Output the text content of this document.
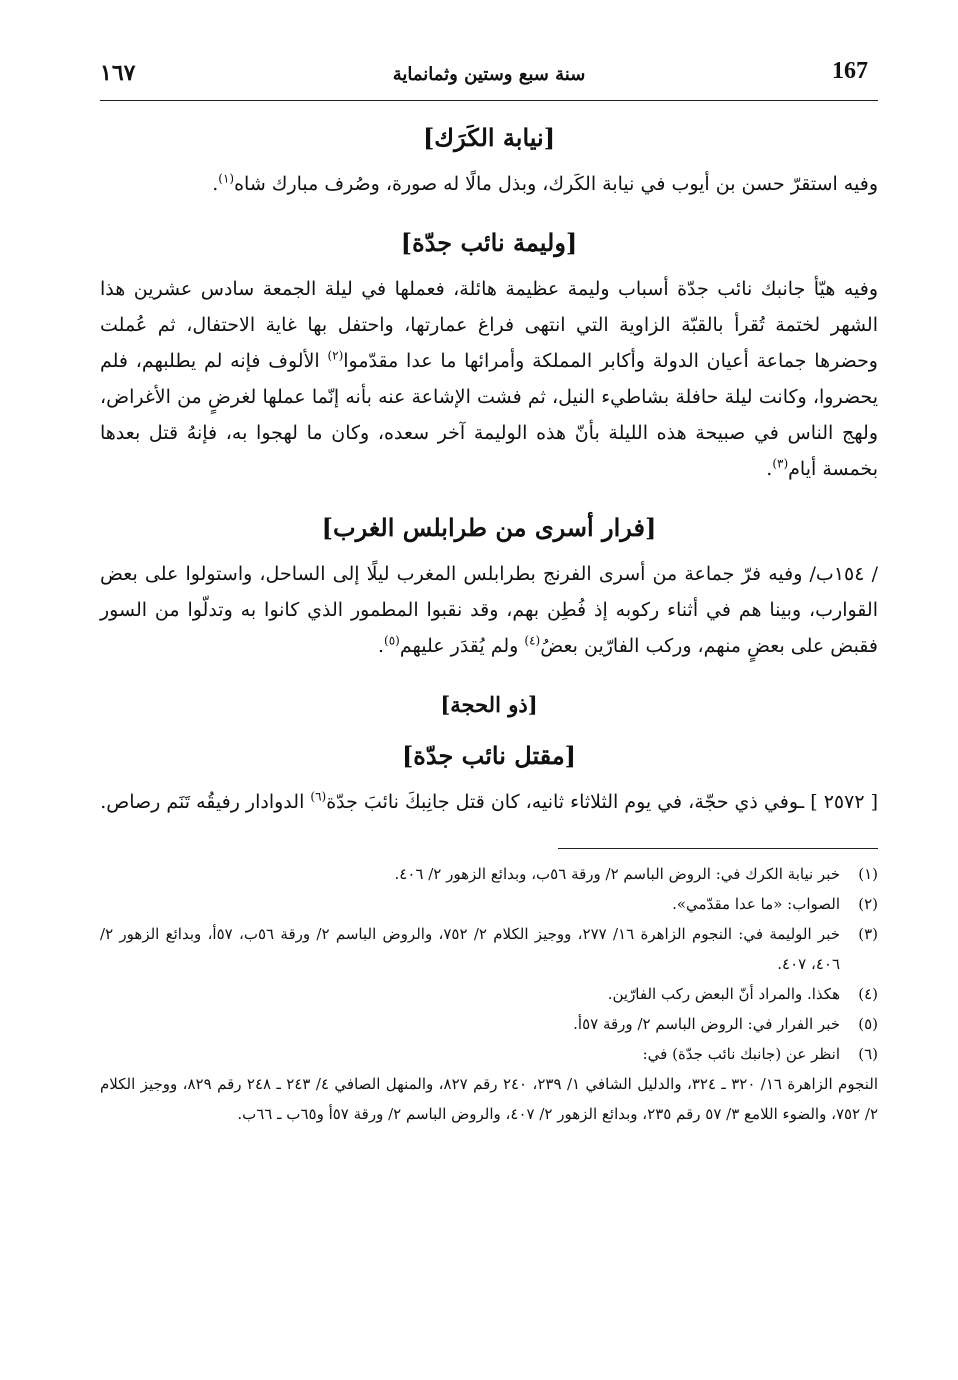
167
سنة سبع وستين وثمانماية
١٦٧
[نيابة الكَرَك]

وفيه استقرّ حسن بن أيوب في نيابة الكَرك، وبذل مالًا له صورة، وصُرف مبارك شاه$^{(١)}$.

[وليمة نائب جدّة]

وفيه هيّأ جانبك نائب جدّة أسباب وليمة عظيمة هائلة، فعملها في ليلة الجمعة سادس عشرين هذا الشهر لختمة تُقرأ بالقبّة الزاوية التي انتهى فراغ عمارتها، واحتفل بها غاية الاحتفال، ثم عُملت وحضرها جماعة أعيان الدولة وأكابر المملكة وأمرائها ما عدا مقدّموا$^{(٢)}$ الألوف فإنه لم يطلبهم، فلم يحضروا، وكانت ليلة حافلة بشاطيء النيل، ثم فشت الإشاعة عنه بأنه إنّما عملها لغرضٍ من الأغراض، ولهج الناس في صبيحة هذه الليلة بأنّ هذه الوليمة آخر سعده، وكان ما لهجوا به، فإنهُ قتل بعدها بخمسة أيام$^{(٣)}$.

[فرار أسرى من طرابلس الغرب]

/ ١٥٤ب/ وفيه فرّ جماعة من أسرى الفرنج بطرابلس المغرب ليلًا إلى الساحل، واستولوا على بعض القوارب، وبينا هم في أثناء ركوبه إذ فُطِن بهم، وقد نقبوا المطمور الذي كانوا به وتدلّوا من السور فقبض على بعضٍ منهم، وركب الفارّين بعضُ$^{(٤)}$ ولم يُقدَر عليهم$^{(٥)}$.

[ذو الحجة]
[مقتل نائب جدّة]

[ ٢٥٧٢ ] ـوفي ذي حجّة، في يوم الثلاثاء ثانيه، كان قتل جانِبكَ نائبَ جدّة$^{(٦)}$ الدوادار رفيقُه تَنَم رصاص.

(١)
خبر نيابة الكرك في: الروض الباسم ٢/ ورقة ٥٦ب، وبدائع الزهور ٢/ ٤٠٦.
(٢)
الصواب: «ما عدا مقدّمي».
(٣)
خبر الوليمة في: النجوم الزاهرة ١٦/ ٢٧٧، ووجيز الكلام ٢/ ٧٥٢، والروض الباسم ٢/ ورقة ٥٦ب، ٥٧أ، وبدائع الزهور ٢/ ٤٠٦، ٤٠٧.
(٤)
هكذا. والمراد أنّ البعض ركب الفارّين.
(٥)
خبر الفرار في: الروض الباسم ٢/ ورقة ٥٧أ.
(٦)
انظر عن (جانبك نائب جدّة) في:

النجوم الزاهرة ١٦/ ٣٢٠ ـ ٣٢٤، والدليل الشافي ١/ ٢٣٩، ٢٤٠ رقم ٨٢٧، والمنهل الصافي ٤/ ٢٤٣ ـ ٢٤٨ رقم ٨٢٩، ووجيز الكلام ٢/ ٧٥٢، والضوء اللامع ٣/ ٥٧ رقم ٢٣٥، وبدائع الزهور ٢/ ٤٠٧، والروض الباسم ٢/ ورقة ٥٧أ و٦٥ب ـ ٦٦ب.
